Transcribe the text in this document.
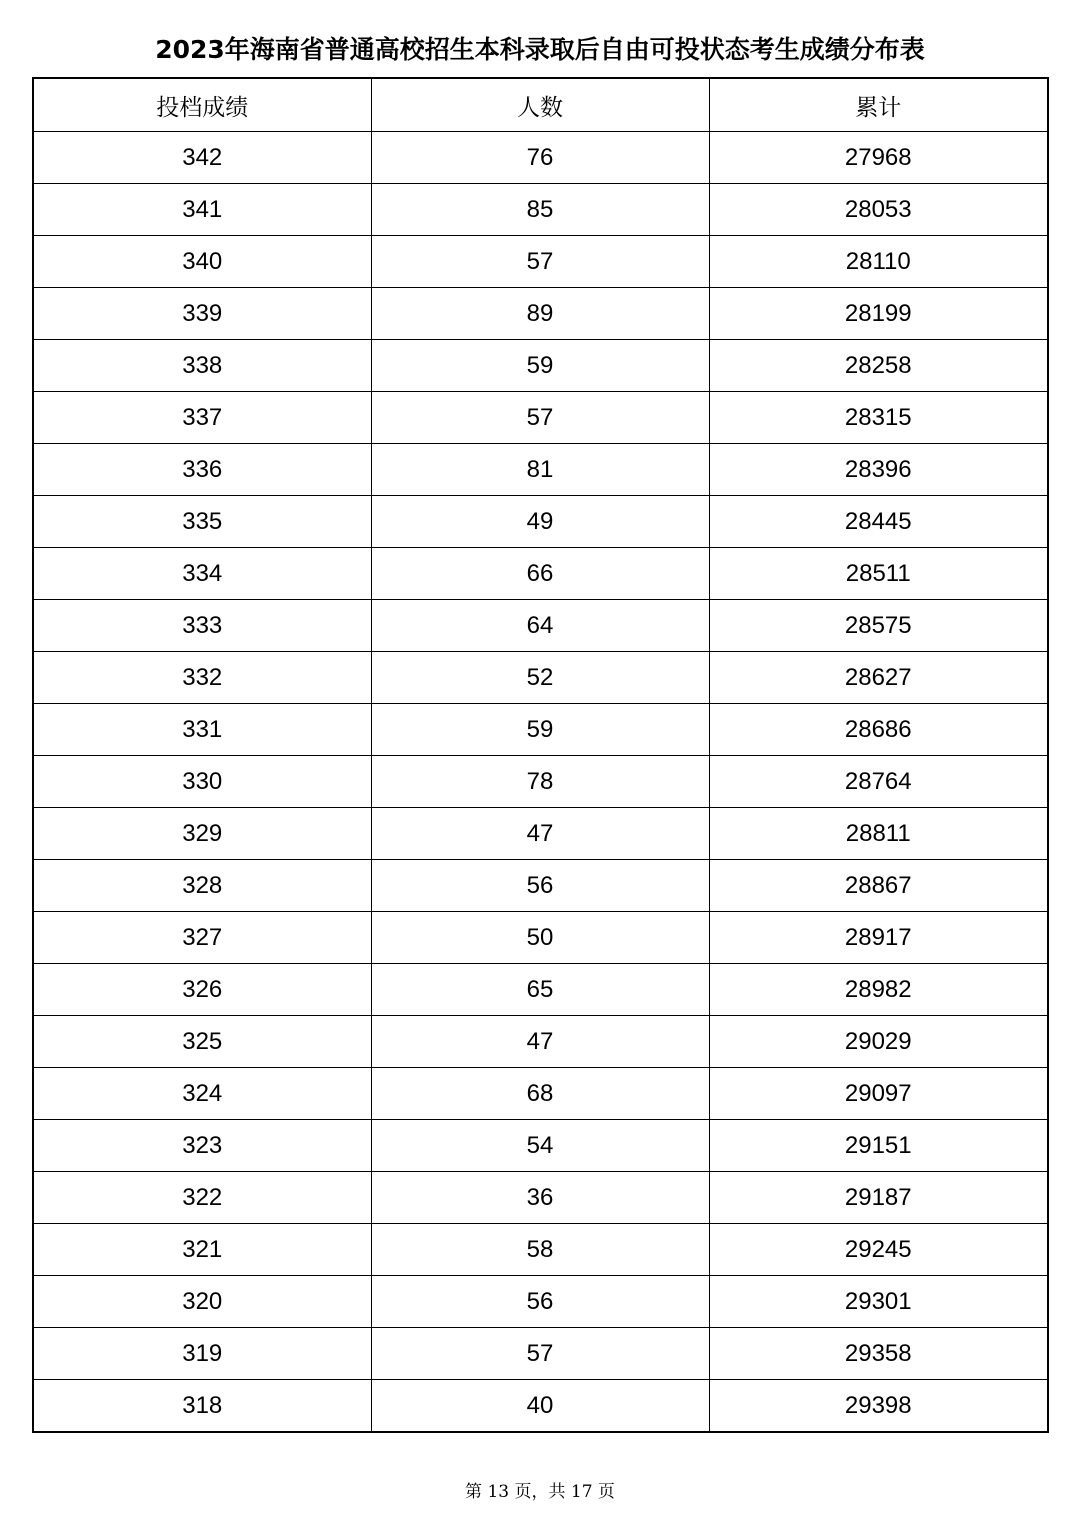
2023年海南省普通高校招生本科录取后自由可投状态考生成绩分布表
投档成绩	人数	累计
342	76	27968
341	85	28053
340	57	28110
339	89	28199
338	59	28258
337	57	28315
336	81	28396
335	49	28445
334	66	28511
333	64	28575
332	52	28627
331	59	28686
330	78	28764
329	47	28811
328	56	28867
327	50	28917
326	65	28982
325	47	29029
324	68	29097
323	54	29151
322	36	29187
321	58	29245
320	56	29301
319	57	29358
318	40	29398
第 13 页，共 17 页
